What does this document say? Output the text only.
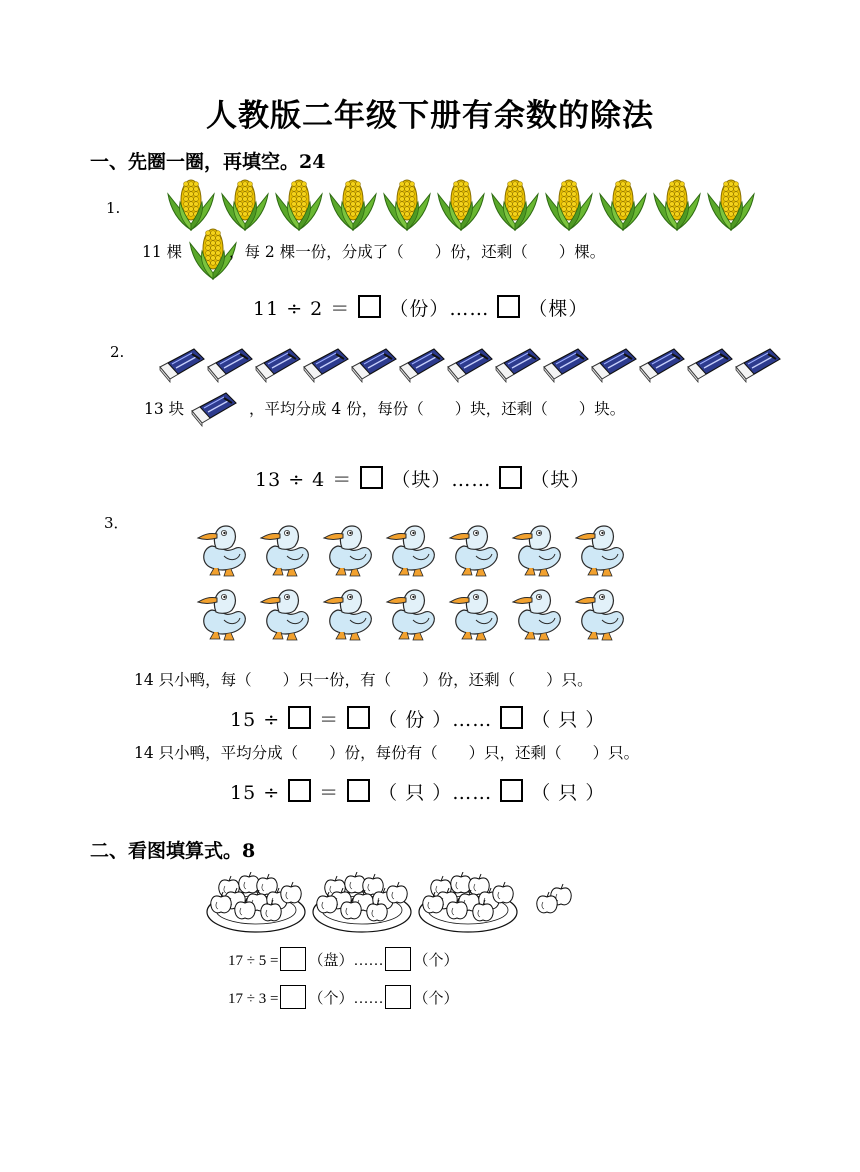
人教版二年级下册有余数的除法
一、先圈一圈，再填空。24
1.
11 棵	，每 2 棵一份，分成了（　　）份，还剩（　　）棵。
11 ÷ 2 ＝ （份）…… （棵）
2.
13 块	，平均分成 4 份，每份（　　）块，还剩（　　）块。
13 ÷ 4 ＝ （块）…… （块）
3．
14 只小鸭，每（　　）只一份，有（　　）份，还剩（　　）只。
15 ÷ ＝ （ 份 ）…… （ 只 ）
14 只小鸭，平均分成（　　）份，每份有（　　）只，还剩（　　）只。
15 ÷ ＝ （ 只 ）…… （ 只 ）
二、看图填算式。8
17 ÷ 5 = （盘）…… （个）
17 ÷ 3 = （个）…… （个）
